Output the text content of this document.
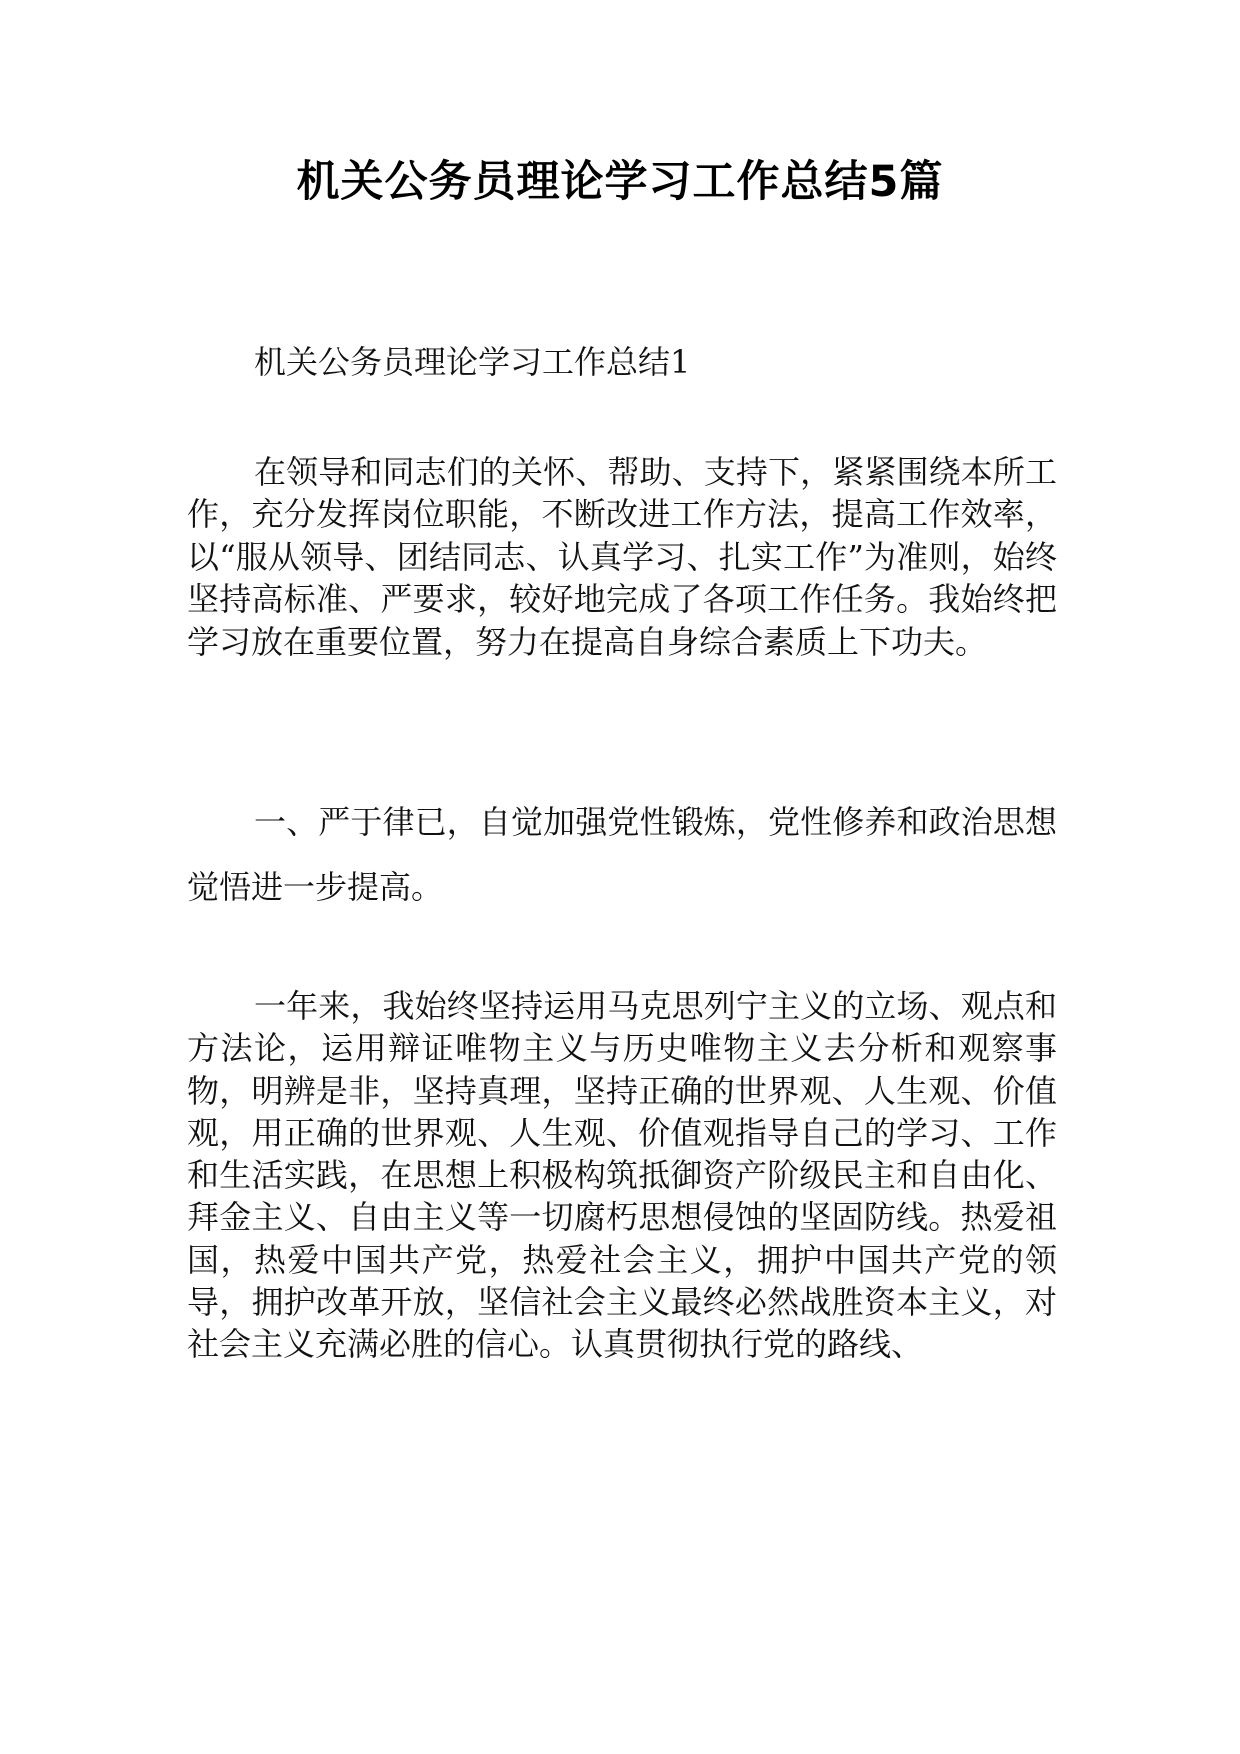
机关公务员理论学习工作总结5篇

机关公务员理论学习工作总结1

在领导和同志们的关怀、帮助、支持下，紧紧围绕本所工作，充分发挥岗位职能，不断改进工作方法，提高工作效率，以“服从领导、团结同志、认真学习、扎实工作”为准则，始终坚持高标准、严要求，较好地完成了各项工作任务。我始终把学习放在重要位置，努力在提高自身综合素质上下功夫。

一、严于律已，自觉加强党性锻炼，党性修养和政治思想觉悟进一步提高。

一年来，我始终坚持运用马克思列宁主义的立场、观点和方法论，运用辩证唯物主义与历史唯物主义去分析和观察事物，明辨是非，坚持真理，坚持正确的世界观、人生观、价值观，用正确的世界观、人生观、价值观指导自己的学习、工作和生活实践，在思想上积极构筑抵御资产阶级民主和自由化、拜金主义、自由主义等一切腐朽思想侵蚀的坚固防线。热爱祖国，热爱中国共产党，热爱社会主义，拥护中国共产党的领导，拥护改革开放，坚信社会主义最终必然战胜资本主义，对社会主义充满必胜的信心。认真贯彻执行党的路线、
